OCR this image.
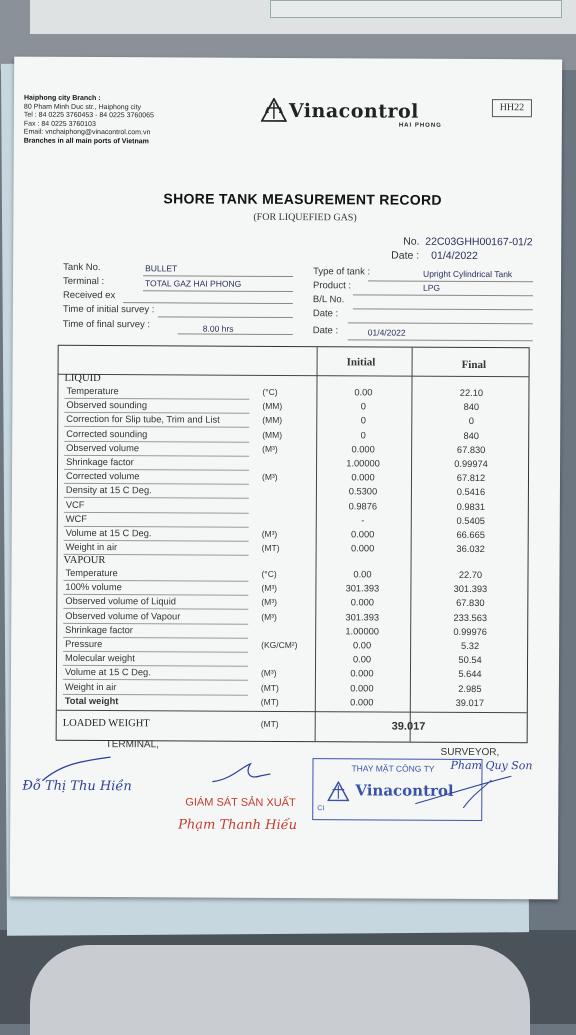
Haiphong city Branch :
80 Pham Minh Duc str., Haiphong city
Tel : 84 0225 3760453 - 84 0225 3760065
Fax : 84 0225 3760103
Email: vnchaiphong@vinacontrol.com.vn
Branches in all main ports of Vietnam
Vinacontrol
HAI PHONG
HH22
SHORE TANK MEASUREMENT RECORD
(FOR LIQUEFIED GAS)
No. 22C03GHH00167-01/2
Date : 01/4/2022
Tank No.	BULLET
Terminal :	TOTAL GAZ HAI PHONG
Received ex
Time of initial survey :
Time of final survey :	8.00 hrs
Type of tank :	Upright Cylindrical Tank
Product :	LPG
B/L No.
Date :
Date :	01/4/2022
Initial	Final
LIQUID
Temperature	(°C)	0.00	22.10
Observed sounding	(MM)	0	840
Correction for Slip tube, Trim and List	(MM)	0	0
Corrected sounding	(MM)	0	840
Observed volume	(M³)	0.000	67.830
Shrinkage factor	1.00000	0.99974
Corrected volume	(M³)	0.000	67.812
Density at 15 C Deg.	0.5300	0.5416
VCF	0.9876	0.9831
WCF	-	0.5405
Volume at 15 C Deg.	(M³)	0.000	66.665
Weight in air	(MT)	0.000	36.032
VAPOUR
Temperature	(°C)	0.00	22.70
100% volume	(M³)	301.393	301.393
Observed volume of Liquid	(M³)	0.000	67.830
Observed volume of Vapour	(M³)	301.393	233.563
Shrinkage factor	1.00000	0.99976
Pressure	(KG/CM²)	0.00	5.32
Molecular weight	0.00	50.54
Volume at 15 C Deg.	(M³)	0.000	5.644
Weight in air	(MT)	0.000	2.985
Total weight	(MT)	0.000	39.017
LOADED WEIGHT	(MT)	39.017
TERMINAL,
SURVEYOR,
Pham Quy Son
Đỗ Thị Thu Hiền
GIÁM SÁT SẢN XUẤT
Phạm Thanh Hiếu
THAY MẶT CÔNG TY
Vinacontrol
CI
